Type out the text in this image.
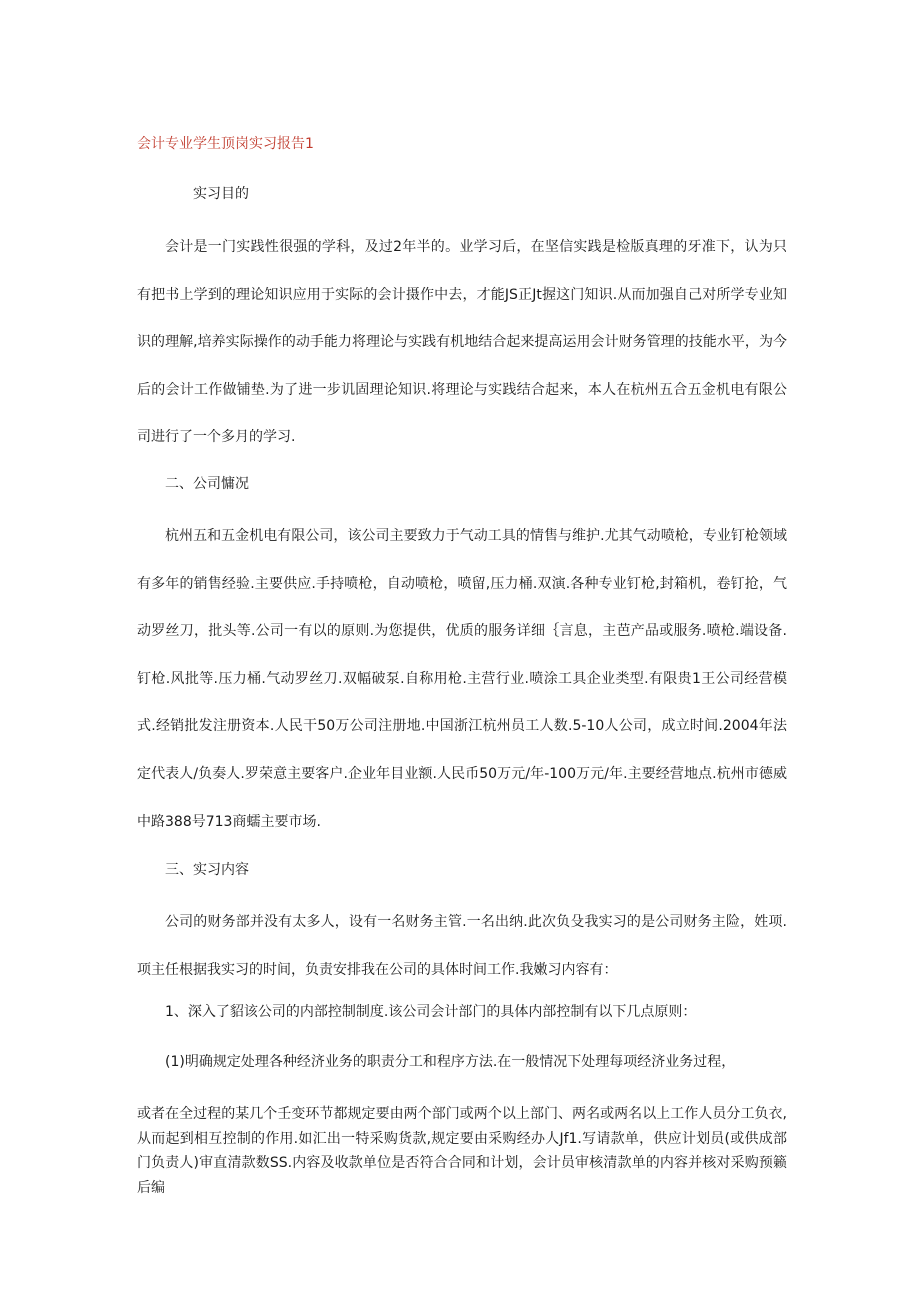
会计专业学生顶岗实习报告1
实习目的

会计是一门实践性很强的学科，及过2年半的。业学习后，在坚信实践是检版真理的牙准下，认为只有把书上学到的理论知识应用于实际的会计摄作中去，才能JS正Jt握这门知识.从而加强自己对所学专业知识的理解,培养实际操作的动手能力将理论与实践有机地结合起来提高运用会计财务管理的技能水平，为今后的会计工作做铺垫.为了进一步讥固理论知识.将理论与实践结合起来，本人在杭州五合五金机电有限公司进行了一个多月的学习.

二、公司慵况

杭州五和五金机电有限公司，该公司主要致力于气动工具的情售与维护.尤其气动喷枪，专业钉枪领域有多年的销售经验.主要供应.手持喷枪，自动喷枪，喷留,压力桶.双演.各种专业钉枪,封箱机，卷钉抢，气动罗丝刀，批头等.公司一有以的原则.为您提供，优质的服务详细｛言息，主芭产品或服务.喷枪.端设备.钉枪.风批等.压力桶.气动罗丝刀.双幅破泵.自称用枪.主营行业.喷涂工具企业类型.有限贵1王公司经营模式.经销批发注册资本.人民干50万公司注册地.中国浙江杭州员工人数.5-10人公司，成立时间.2004年法定代表人/负奏人.罗荣意主要客户.企业年目业额.人民币50万元/年-100万元/年.主要经营地点.杭州市德威中路388号713商蠕主要市场.

三、实习内容

公司的财务部并没有太多人，设有一名财务主管.一名出纳.此次负殳我实习的是公司财务主险，姓项.项主任根据我实习的时间，负责安排我在公司的具体时间工作.我嫩习内容有：

1、深入了貂该公司的内部控制制度.该公司会计部门的具体内部控制有以下几点原则：
(1)明确规定处理各种经济业务的职责分工和程序方法.在一般情况下处理每项经济业务过程，

或者在全过程的某几个壬变环节都规定要由两个部门或两个以上部门、两名或两名以上工作人员分工负衣,从而起到相互控制的作用.如汇出一特采购货款,规定要由采购经办人Jf1.写请款单，供应计划员(或供成部门负责人)审直清款数SS.内容及收款单位是否符合合同和计划，会计员审核清款单的内容并核对采购预籁后编
